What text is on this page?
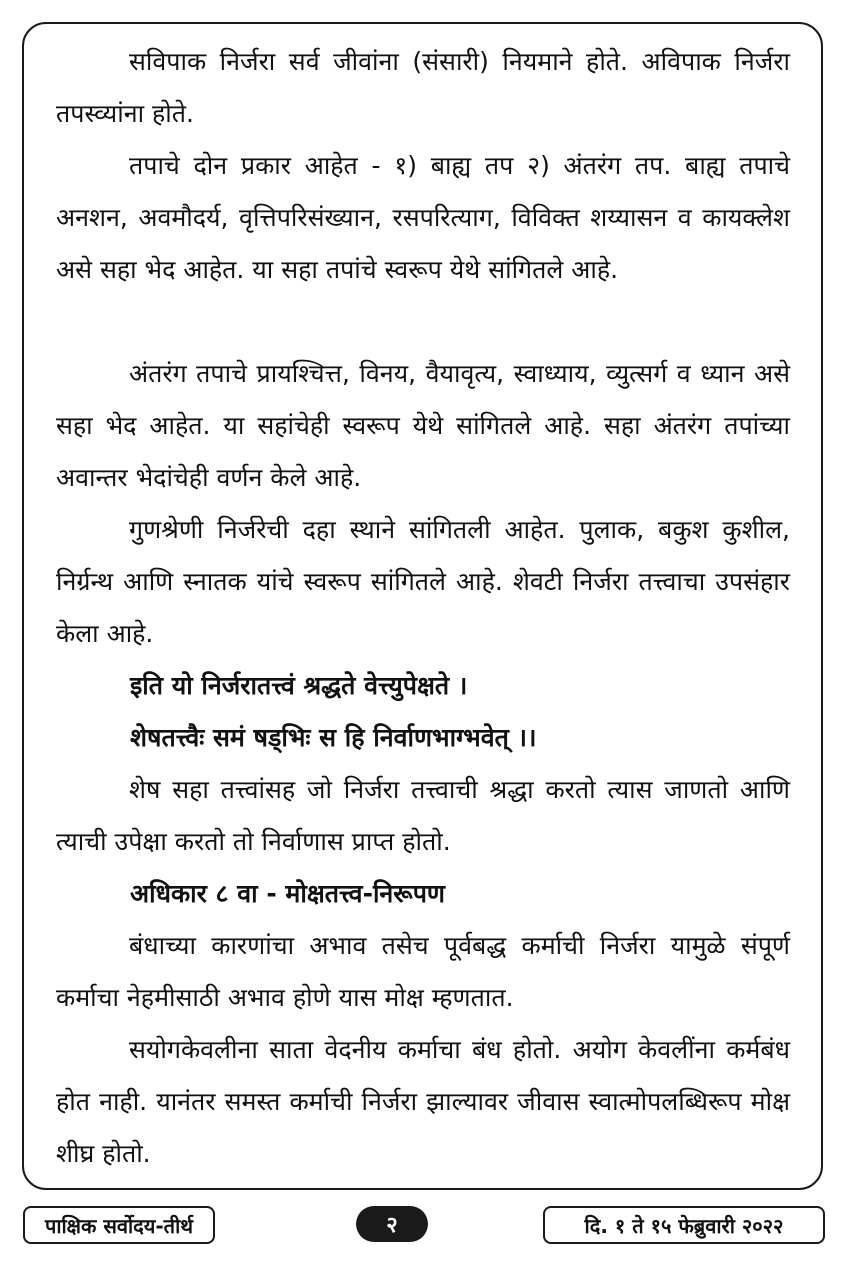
सविपाक निर्जरा सर्व जीवांना (संसारी) नियमाने होते. अविपाक निर्जरा तपस्व्यांना होते.

तपाचे दोन प्रकार आहेत - १) बाह्य तप २) अंतरंग तप. बाह्य तपाचे अनशन, अवमौदर्य, वृत्तिपरिसंख्यान, रसपरित्याग, विविक्त शय्यासन व कायक्लेश असे सहा भेद आहेत. या सहा तपांचे स्वरूप येथे सांगितले आहे.

अंतरंग तपाचे प्रायश्चित्त, विनय, वैयावृत्य, स्वाध्याय, व्युत्सर्ग व ध्यान असे सहा भेद आहेत. या सहांचेही स्वरूप येथे सांगितले आहे. सहा अंतरंग तपांच्या अवान्तर भेदांचेही वर्णन केले आहे.

गुणश्रेणी निर्जरेची दहा स्थाने सांगितली आहेत. पुलाक, बकुश कुशील, निर्ग्रन्थ आणि स्नातक यांचे स्वरूप सांगितले आहे. शेवटी निर्जरा तत्त्वाचा उपसंहार केला आहे.

इति यो निर्जरातत्त्वं श्रद्धते वेत्त्युपेक्षते ।
शेषतत्त्वैः समं षड्भिः स हि निर्वाणभाग्भवेत् ।।

शेष सहा तत्त्वांसह जो निर्जरा तत्त्वाची श्रद्धा करतो त्यास जाणतो आणि त्याची उपेक्षा करतो तो निर्वाणास प्राप्त होतो.

अधिकार ८ वा - मोक्षतत्त्व-निरूपण

बंधाच्या कारणांचा अभाव तसेच पूर्वबद्ध कर्माची निर्जरा यामुळे संपूर्ण कर्माचा नेहमीसाठी अभाव होणे यास मोक्ष म्हणतात.

सयोगकेवलीना साता वेदनीय कर्माचा बंध होतो. अयोग केवलींना कर्मबंध होत नाही. यानंतर समस्त कर्माची निर्जरा झाल्यावर जीवास स्वात्मोपलब्धिरूप मोक्ष शीघ्र होतो.

पाक्षिक सर्वोदय-तीर्थ	२	दि. १ ते १५ फेब्रुवारी २०२२
